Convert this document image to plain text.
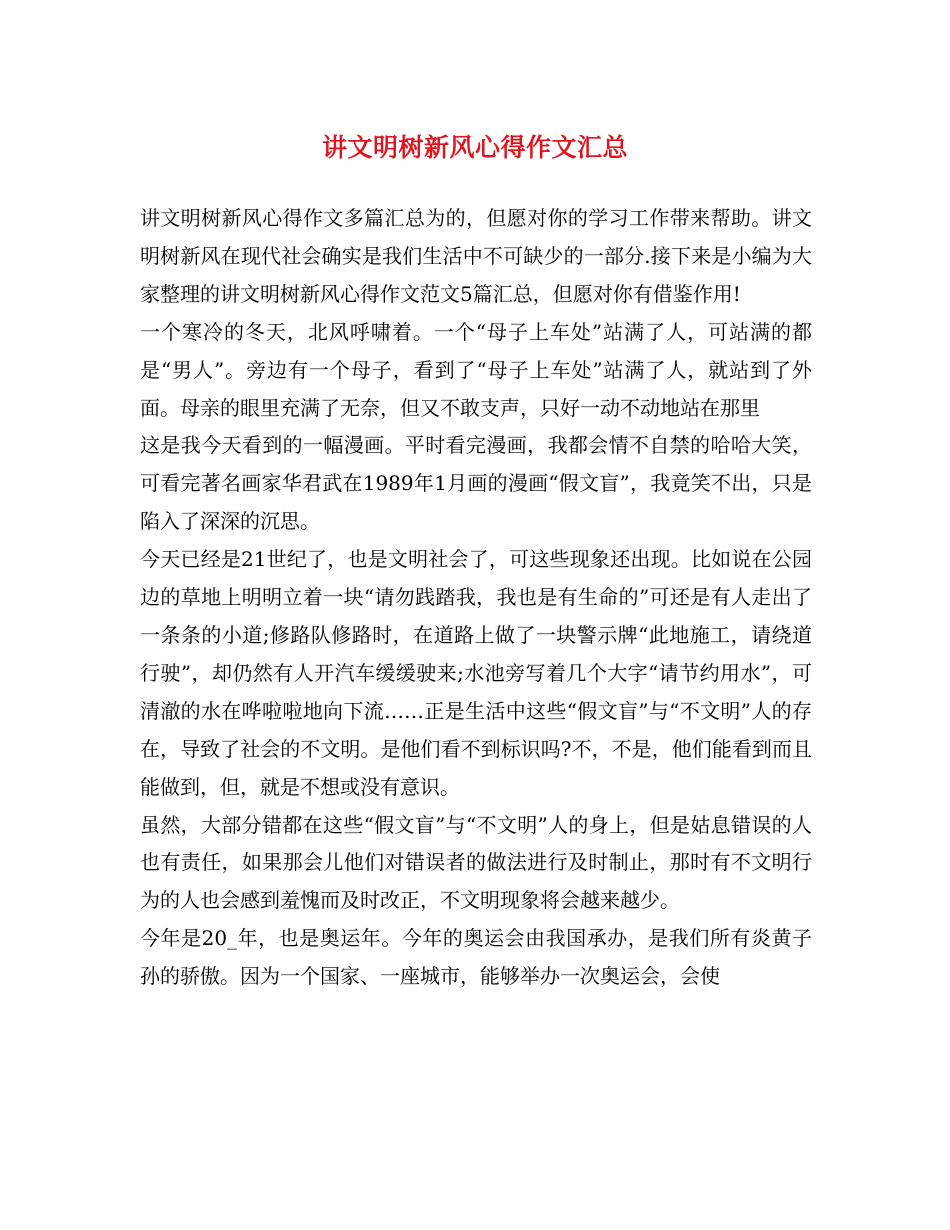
讲文明树新风心得作文汇总

讲文明树新风心得作文多篇汇总为的，但愿对你的学习工作带来帮助。讲文明树新风在现代社会确实是我们生活中不可缺少的一部分.接下来是小编为大家整理的讲文明树新风心得作文范文5篇汇总，但愿对你有借鉴作用!

一个寒冷的冬天，北风呼啸着。一个“母子上车处”站满了人，可站满的都是“男人”。旁边有一个母子，看到了“母子上车处”站满了人，就站到了外面。母亲的眼里充满了无奈，但又不敢支声，只好一动不动地站在那里

这是我今天看到的一幅漫画。平时看完漫画，我都会情不自禁的哈哈大笑，可看完著名画家华君武在1989年1月画的漫画“假文盲”，我竟笑不出，只是陷入了深深的沉思。

今天已经是21世纪了，也是文明社会了，可这些现象还出现。比如说在公园边的草地上明明立着一块“请勿践踏我，我也是有生命的”可还是有人走出了一条条的小道;修路队修路时，在道路上做了一块警示牌“此地施工，请绕道行驶”，却仍然有人开汽车缓缓驶来;水池旁写着几个大字“请节约用水”，可清澈的水在哗啦啦地向下流……正是生活中这些“假文盲”与“不文明”人的存在，导致了社会的不文明。是他们看不到标识吗?不，不是，他们能看到而且能做到，但，就是不想或没有意识。

虽然，大部分错都在这些“假文盲”与“不文明”人的身上，但是姑息错误的人也有责任，如果那会儿他们对错误者的做法进行及时制止，那时有不文明行为的人也会感到羞愧而及时改正，不文明现象将会越来越少。

今年是20_年，也是奥运年。今年的奥运会由我国承办，是我们所有炎黄子孙的骄傲。因为一个国家、一座城市，能够举办一次奥运会，会使
